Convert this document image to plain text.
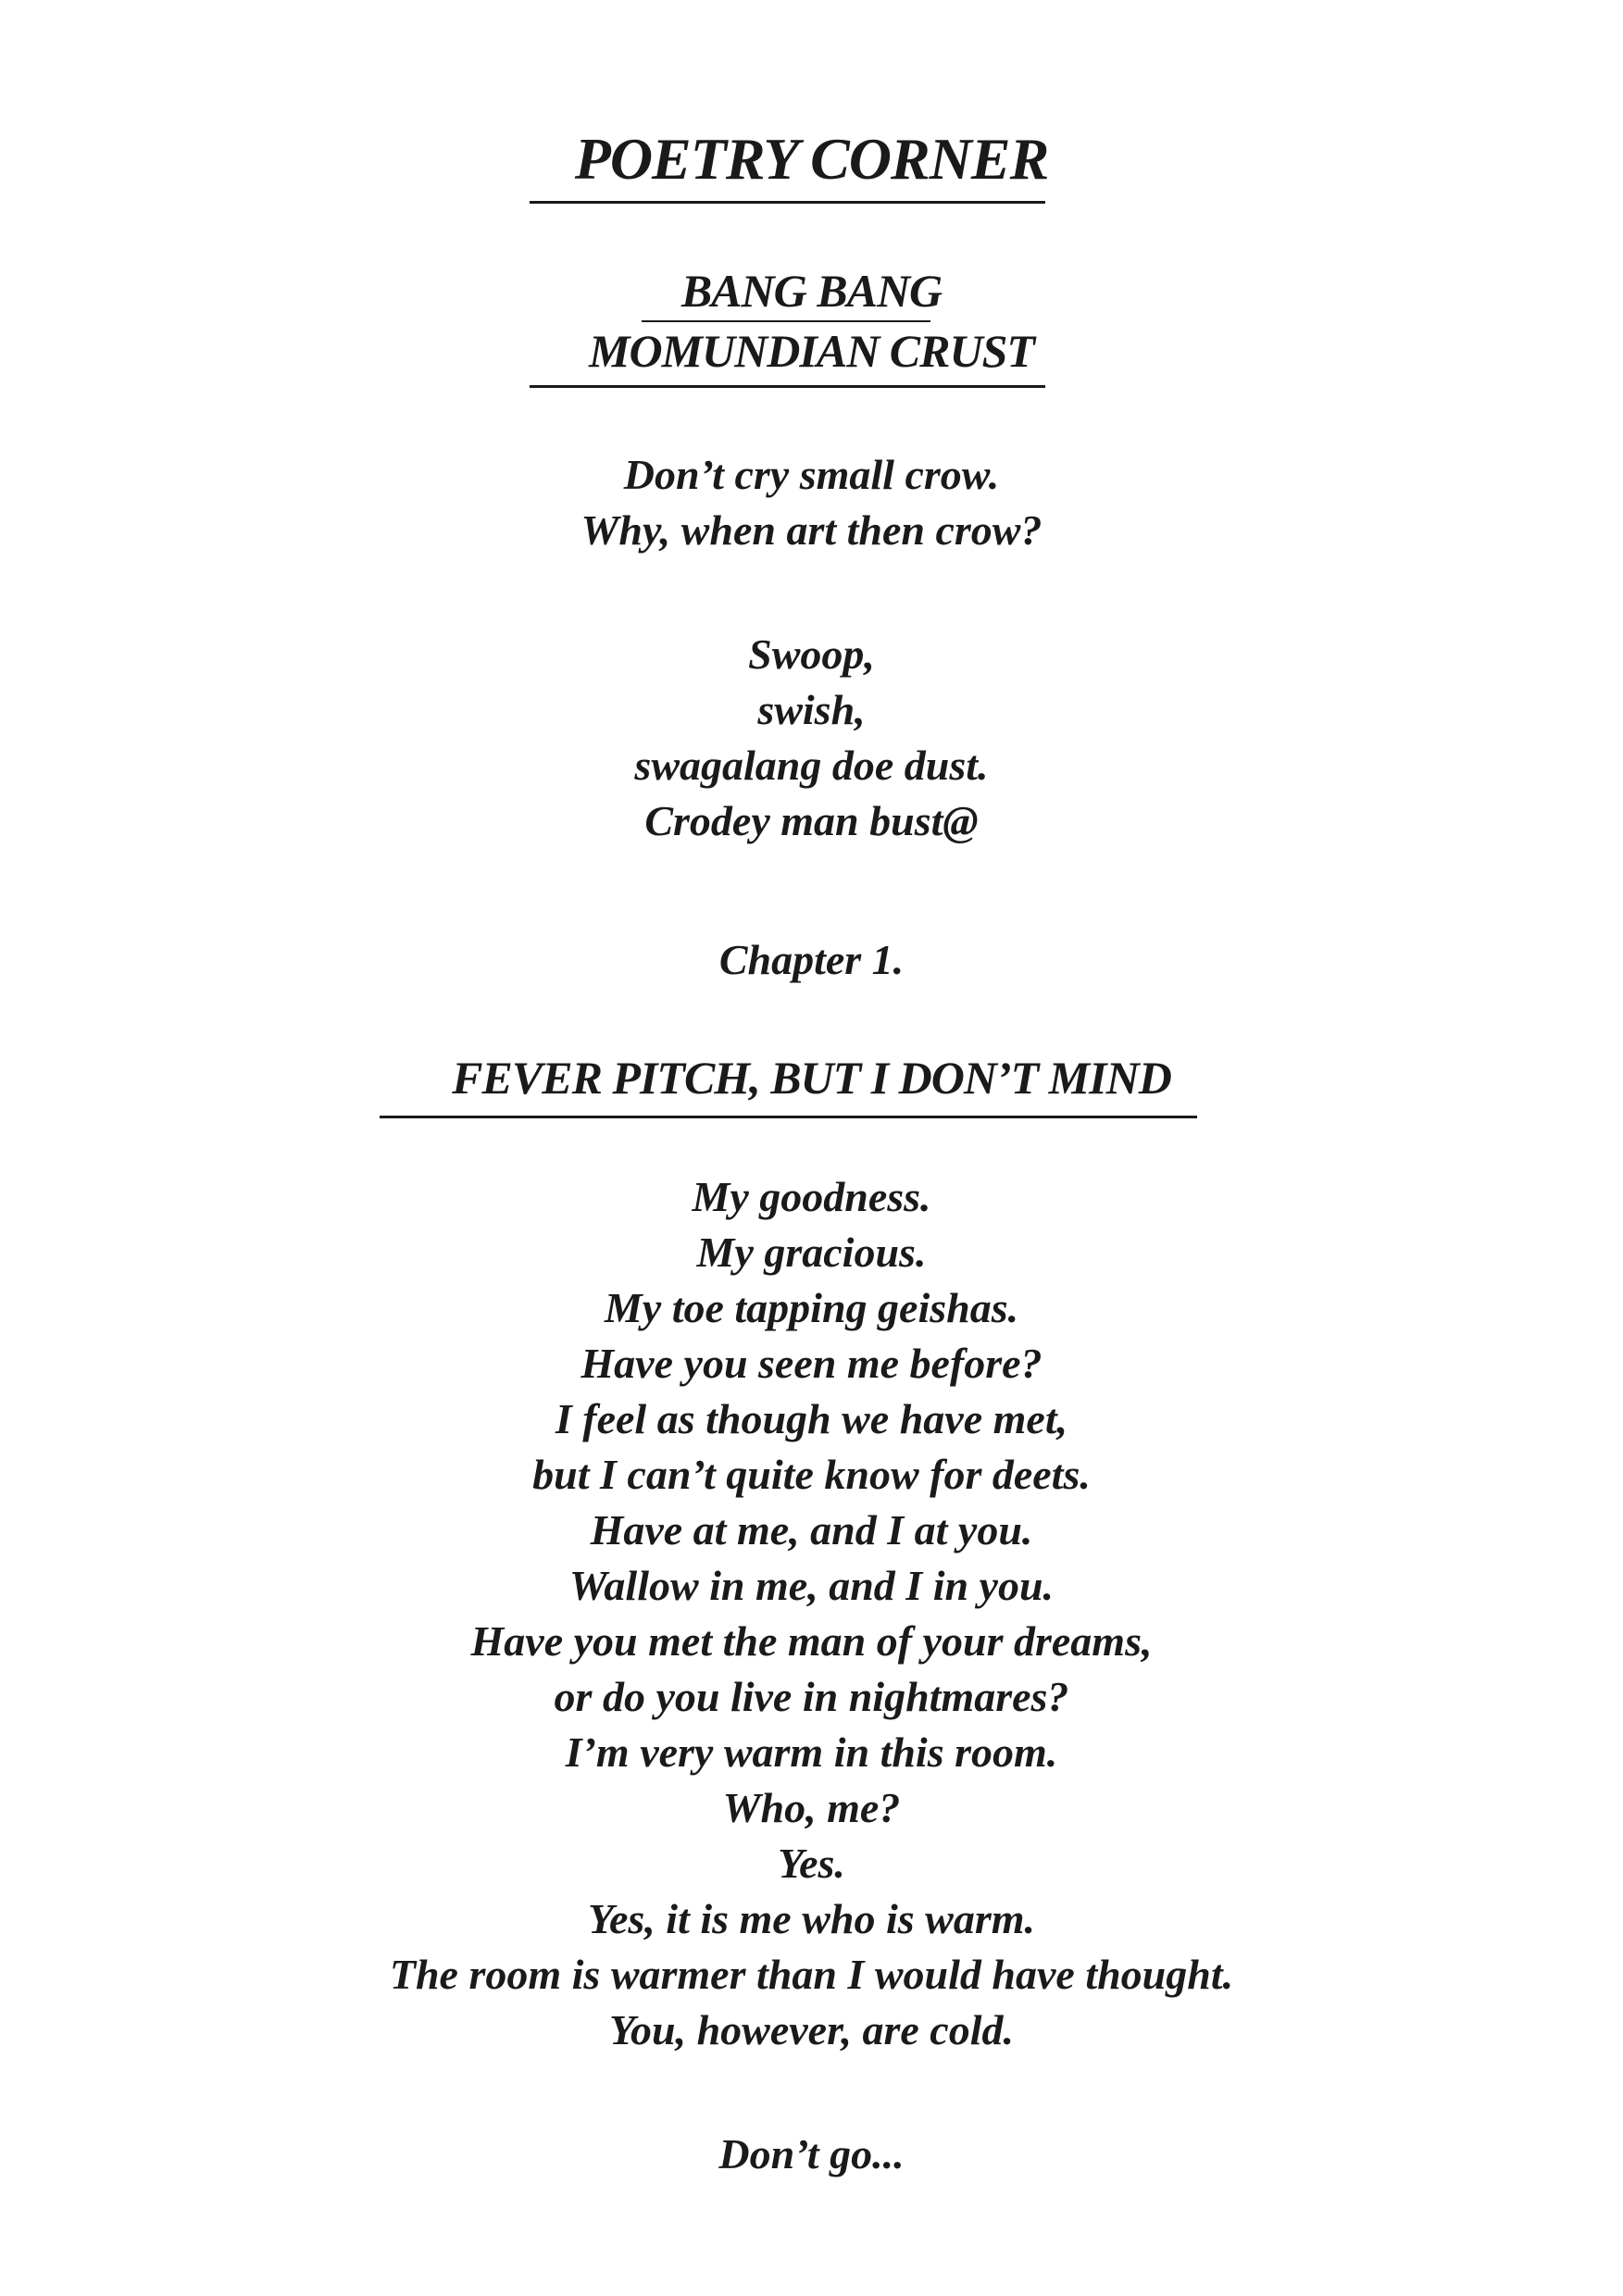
POETRY CORNER
BANG BANG
MOMUNDIAN CRUST
Don’t cry small crow.
Why, when art then crow?
Swoop,
swish,
swagalang doe dust.
Crodey man bust@
Chapter 1.
FEVER PITCH, BUT I DON’T MIND
My goodness.
My gracious.
My toe tapping geishas.
Have you seen me before?
I feel as though we have met,
but I can’t quite know for deets.
Have at me, and I at you.
Wallow in me, and I in you.
Have you met the man of your dreams,
or do you live in nightmares?
I’m very warm in this room.
Who, me?
Yes.
Yes, it is me who is warm.
The room is warmer than I would have thought.
You, however, are cold.
Don’t go...
